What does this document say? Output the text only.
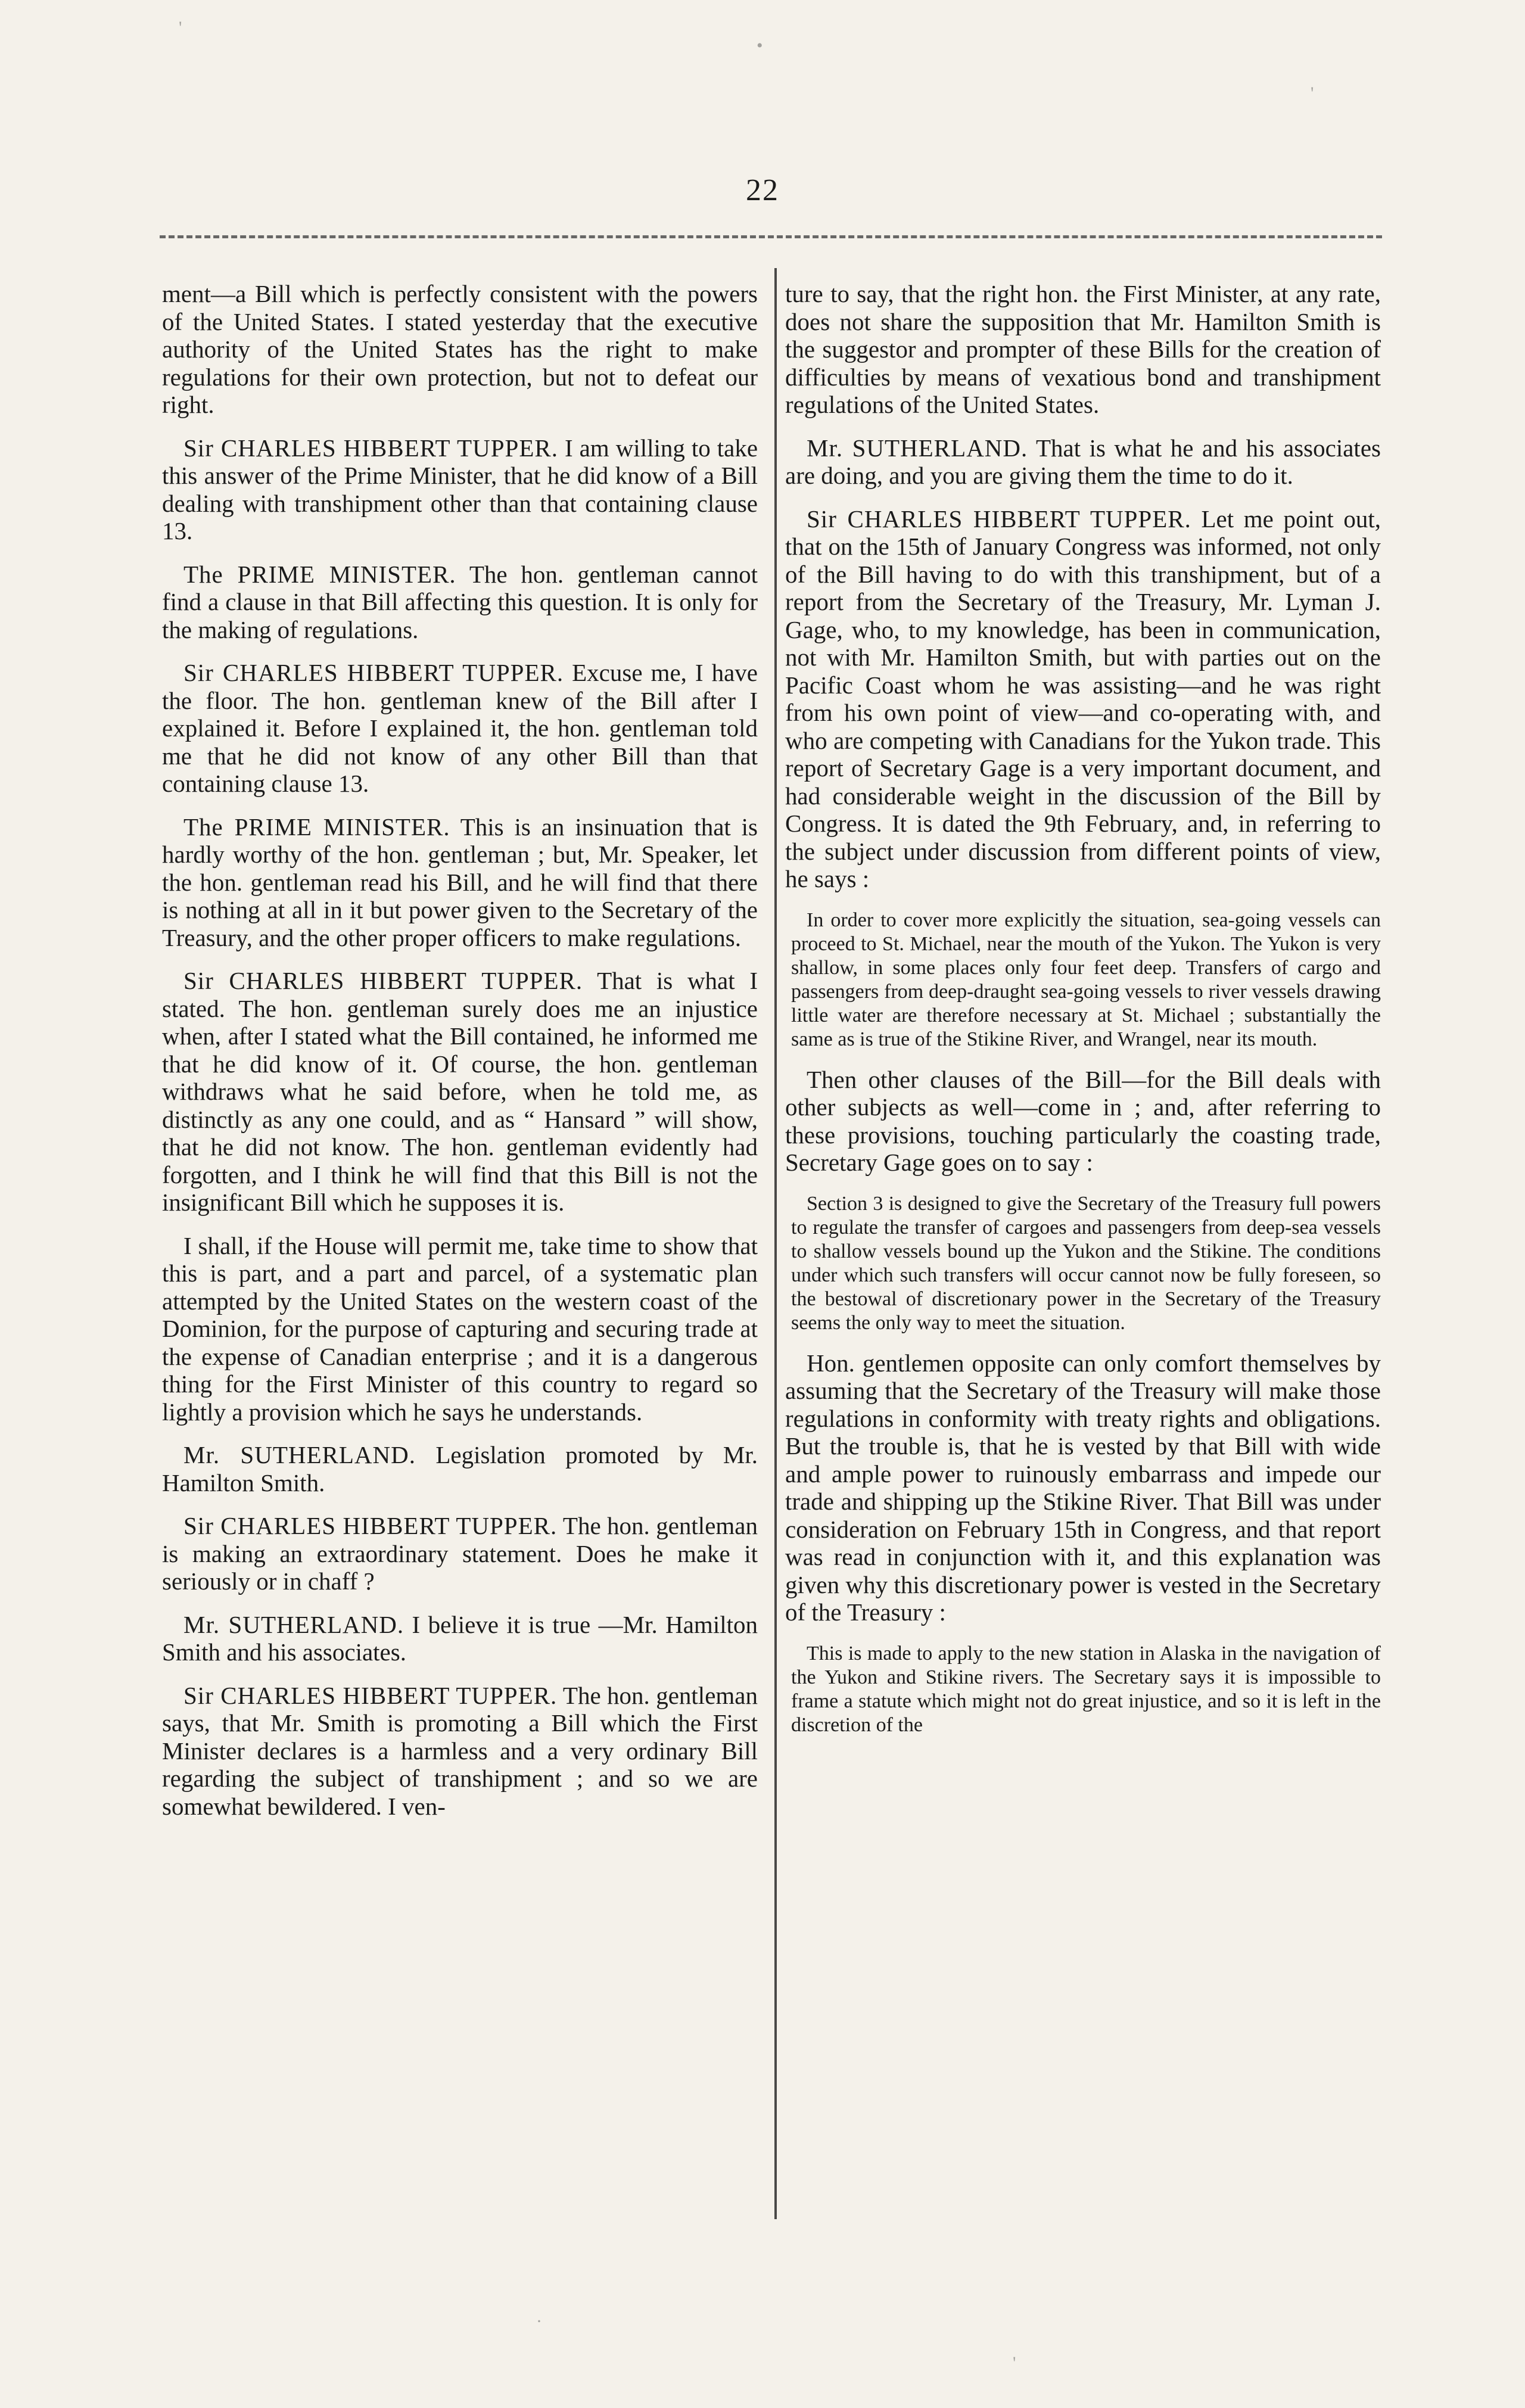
22

ment—a Bill which is perfectly consistent with the powers of the United States. I stated yesterday that the executive authority of the United States has the right to make regulations for their own protection, but not to defeat our right.

Sir CHARLES HIBBERT TUPPER. I am willing to take this answer of the Prime Minister, that he did know of a Bill dealing with transhipment other than that containing clause 13.

The PRIME MINISTER. The hon. gentleman cannot find a clause in that Bill affecting this question. It is only for the making of regulations.

Sir CHARLES HIBBERT TUPPER. Excuse me, I have the floor. The hon. gentleman knew of the Bill after I explained it. Before I explained it, the hon. gentleman told me that he did not know of any other Bill than that containing clause 13.

The PRIME MINISTER. This is an insinuation that is hardly worthy of the hon. gentleman ; but, Mr. Speaker, let the hon. gentleman read his Bill, and he will find that there is nothing at all in it but power given to the Secretary of the Treasury, and the other proper officers to make regulations.

Sir CHARLES HIBBERT TUPPER. That is what I stated. The hon. gentleman surely does me an injustice when, after I stated what the Bill contained, he informed me that he did know of it. Of course, the hon. gentleman withdraws what he said before, when he told me, as distinctly as any one could, and as “ Hansard ” will show, that he did not know. The hon. gentleman evidently had forgotten, and I think he will find that this Bill is not the insignificant Bill which he supposes it is.

I shall, if the House will permit me, take time to show that this is part, and a part and parcel, of a systematic plan attempted by the United States on the western coast of the Dominion, for the purpose of capturing and securing trade at the expense of Canadian enterprise ; and it is a dangerous thing for the First Minister of this country to regard so lightly a provision which he says he understands.

Mr. SUTHERLAND. Legislation promoted by Mr. Hamilton Smith.

Sir CHARLES HIBBERT TUPPER. The hon. gentleman is making an extraordinary statement. Does he make it seriously or in chaff ?

Mr. SUTHERLAND. I believe it is true —Mr. Hamilton Smith and his associates.

Sir CHARLES HIBBERT TUPPER. The hon. gentleman says, that Mr. Smith is promoting a Bill which the First Minister declares is a harmless and a very ordinary Bill regarding the subject of transhipment ; and so we are somewhat bewildered. I ven-

ture to say, that the right hon. the First Minister, at any rate, does not share the supposition that Mr. Hamilton Smith is the suggestor and prompter of these Bills for the creation of difficulties by means of vexatious bond and transhipment regulations of the United States.

Mr. SUTHERLAND. That is what he and his associates are doing, and you are giving them the time to do it.

Sir CHARLES HIBBERT TUPPER. Let me point out, that on the 15th of January Congress was informed, not only of the Bill having to do with this transhipment, but of a report from the Secretary of the Treasury, Mr. Lyman J. Gage, who, to my knowledge, has been in communication, not with Mr. Hamilton Smith, but with parties out on the Pacific Coast whom he was assisting—and he was right from his own point of view—and co-operating with, and who are competing with Canadians for the Yukon trade. This report of Secretary Gage is a very important document, and had considerable weight in the discussion of the Bill by Congress. It is dated the 9th February, and, in referring to the subject under discussion from different points of view, he says :

In order to cover more explicitly the situation, sea-going vessels can proceed to St. Michael, near the mouth of the Yukon. The Yukon is very shallow, in some places only four feet deep. Transfers of cargo and passengers from deep-draught sea-going vessels to river vessels drawing little water are therefore necessary at St. Michael ; substantially the same as is true of the Stikine River, and Wrangel, near its mouth.

Then other clauses of the Bill—for the Bill deals with other subjects as well—come in ; and, after referring to these provisions, touching particularly the coasting trade, Secretary Gage goes on to say :

Section 3 is designed to give the Secretary of the Treasury full powers to regulate the transfer of cargoes and passengers from deep-sea vessels to shallow vessels bound up the Yukon and the Stikine. The conditions under which such transfers will occur cannot now be fully foreseen, so the bestowal of discretionary power in the Secretary of the Treasury seems the only way to meet the situation.

Hon. gentlemen opposite can only comfort themselves by assuming that the Secretary of the Treasury will make those regulations in conformity with treaty rights and obligations. But the trouble is, that he is vested by that Bill with wide and ample power to ruinously embarrass and impede our trade and shipping up the Stikine River. That Bill was under consideration on February 15th in Congress, and that report was read in conjunction with it, and this explanation was given why this discretionary power is vested in the Secretary of the Treasury :

This is made to apply to the new station in Alaska in the navigation of the Yukon and Stikine rivers. The Secretary says it is impossible to frame a statute which might not do great injustice, and so it is left in the discretion of the

'
•
'
·
'
